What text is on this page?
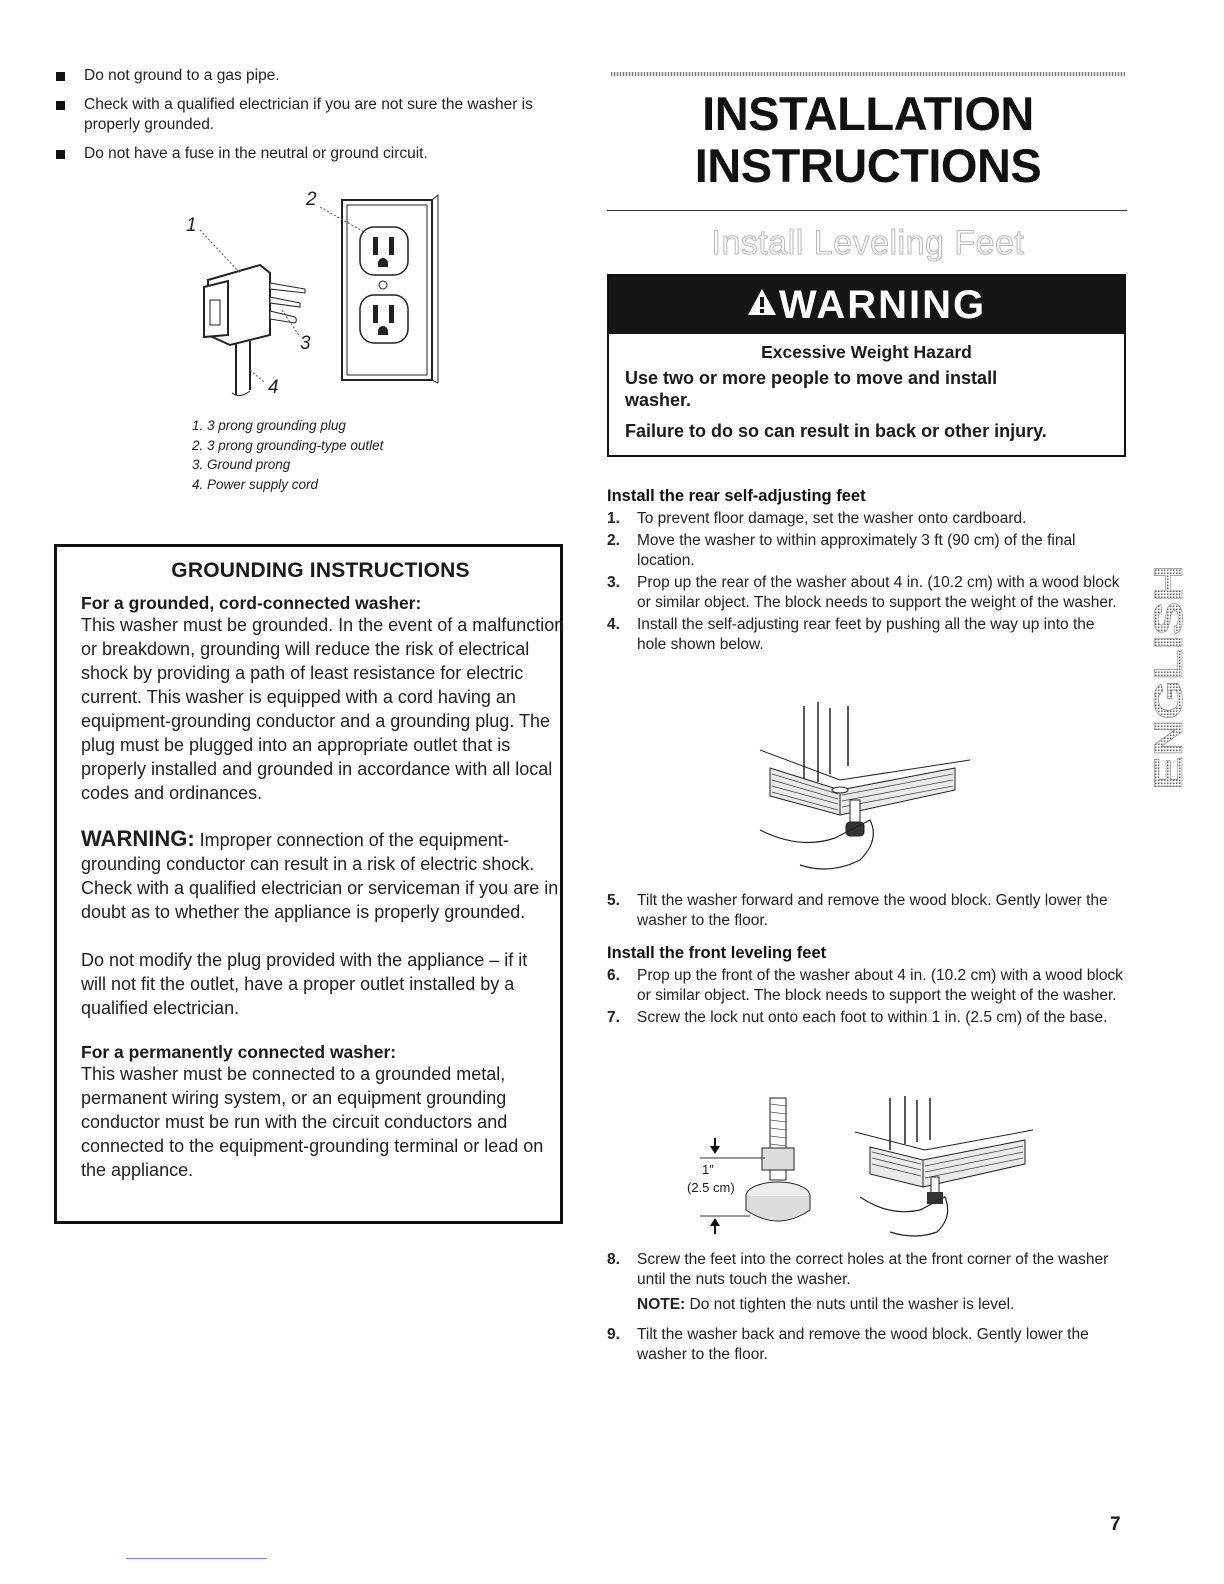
Do not ground to a gas pipe.
Check with a qualified electrician if you are not sure the washer is properly grounded.
Do not have a fuse in the neutral or ground circuit.
1
2
3
4
1. 3 prong grounding plug
2. 3 prong grounding-type outlet
3. Ground prong
4. Power supply cord
GROUNDING INSTRUCTIONS
For a grounded, cord-connected washer:

This washer must be grounded. In the event of a malfunction or breakdown, grounding will reduce the risk of electrical shock by providing a path of least resistance for electric current. This washer is equipped with a cord having an equipment-grounding conductor and a grounding plug. The plug must be plugged into an appropriate outlet that is properly installed and grounded in accordance with all local codes and ordinances.

WARNING: Improper connection of the equipment-grounding conductor can result in a risk of electric shock. Check with a qualified electrician or serviceman if you are in doubt as to whether the appliance is properly grounded.

Do not modify the plug provided with the appliance – if it will not fit the outlet, have a proper outlet installed by a qualified electrician.

For a permanently connected washer:

This washer must be connected to a grounded metal, permanent wiring system, or an equipment grounding conductor must be run with the circuit conductors and connected to the equipment-grounding terminal or lead on the appliance.

INSTALLATION
INSTRUCTIONS
Install Leveling Feet
WARNING
Excessive Weight Hazard
Use two or more people to move and install washer.
Failure to do so can result in back or other injury.
Install the rear self-adjusting feet
1. To prevent floor damage, set the washer onto cardboard.
2. Move the washer to within approximately 3 ft (90 cm) of the final location.
3. Prop up the rear of the washer about 4 in. (10.2 cm) with a wood block or similar object. The block needs to support the weight of the washer.
4. Install the self-adjusting rear feet by pushing all the way up into the hole shown below.
5. Tilt the washer forward and remove the wood block. Gently lower the washer to the floor.
Install the front leveling feet
6. Prop up the front of the washer about 4 in. (10.2 cm) with a wood block or similar object. The block needs to support the weight of the washer.
7. Screw the lock nut onto each foot to within 1 in. (2.5 cm) of the base.
1"
(2.5 cm)
8. Screw the feet into the correct holes at the front corner of the washer until the nuts touch the washer.
NOTE: Do not tighten the nuts until the washer is level.
9. Tilt the washer back and remove the wood block. Gently lower the washer to the floor.
ENGLISH
7
